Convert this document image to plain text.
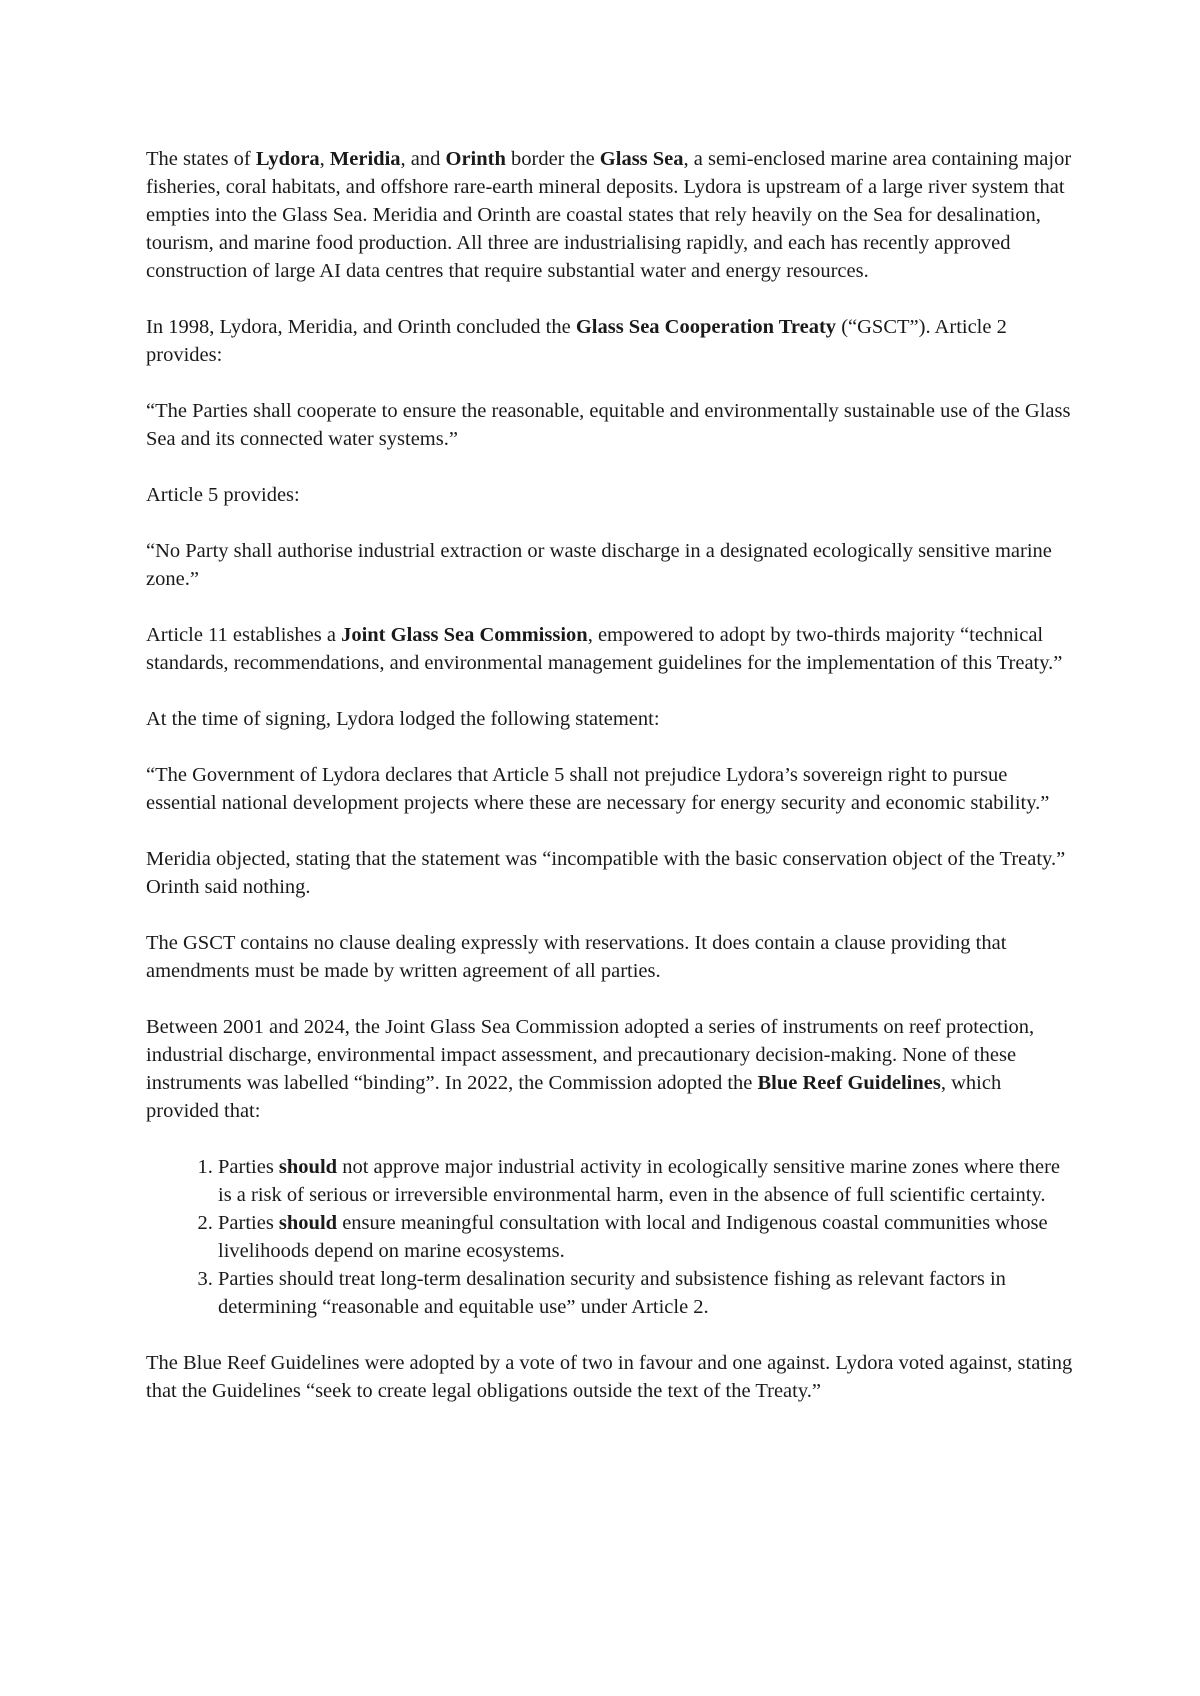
The states of Lydora, Meridia, and Orinth border the Glass Sea, a semi-enclosed marine area containing major fisheries, coral habitats, and offshore rare-earth mineral deposits. Lydora is upstream of a large river system that empties into the Glass Sea. Meridia and Orinth are coastal states that rely heavily on the Sea for desalination, tourism, and marine food production. All three are industrialising rapidly, and each has recently approved construction of large AI data centres that require substantial water and energy resources.

In 1998, Lydora, Meridia, and Orinth concluded the Glass Sea Cooperation Treaty (“GSCT”). Article 2 provides:

“The Parties shall cooperate to ensure the reasonable, equitable and environmentally sustainable use of the Glass Sea and its connected water systems.”

Article 5 provides:

“No Party shall authorise industrial extraction or waste discharge in a designated ecologically sensitive marine zone.”

Article 11 establishes a Joint Glass Sea Commission, empowered to adopt by two-thirds majority “technical standards, recommendations, and environmental management guidelines for the implementation of this Treaty.”

At the time of signing, Lydora lodged the following statement:

“The Government of Lydora declares that Article 5 shall not prejudice Lydora’s sovereign right to pursue essential national development projects where these are necessary for energy security and economic stability.”

Meridia objected, stating that the statement was “incompatible with the basic conservation object of the Treaty.” Orinth said nothing.

The GSCT contains no clause dealing expressly with reservations. It does contain a clause providing that amendments must be made by written agreement of all parties.

Between 2001 and 2024, the Joint Glass Sea Commission adopted a series of instruments on reef protection, industrial discharge, environmental impact assessment, and precautionary decision-making. None of these instruments was labelled “binding”. In 2022, the Commission adopted the Blue Reef Guidelines, which provided that:

1. Parties should not approve major industrial activity in ecologically sensitive marine zones where there is a risk of serious or irreversible environmental harm, even in the absence of full scientific certainty.
2. Parties should ensure meaningful consultation with local and Indigenous coastal communities whose livelihoods depend on marine ecosystems.
3. Parties should treat long-term desalination security and subsistence fishing as relevant factors in determining “reasonable and equitable use” under Article 2.

The Blue Reef Guidelines were adopted by a vote of two in favour and one against. Lydora voted against, stating that the Guidelines “seek to create legal obligations outside the text of the Treaty.”
